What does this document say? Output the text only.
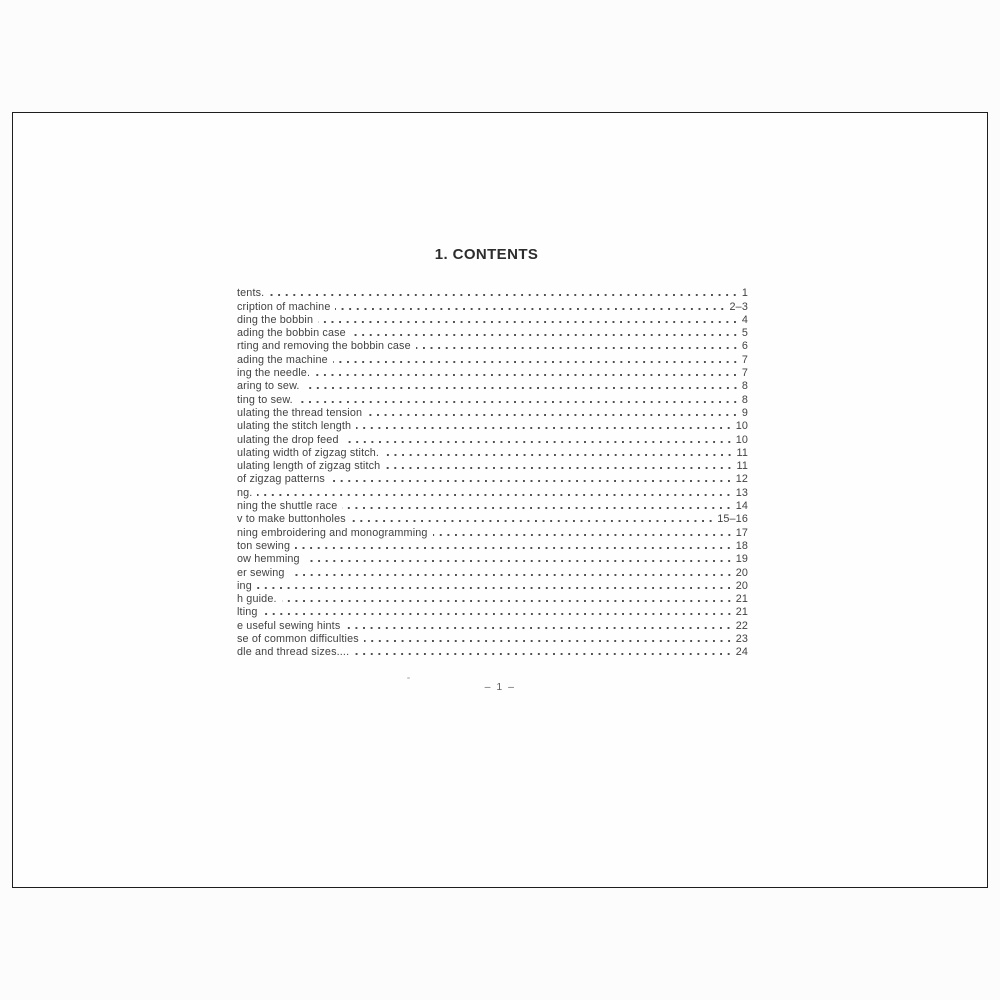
1. CONTENTS
tents.	1
cription of machine	2–3
ding the bobbin	4
ading the bobbin case	5
rting and removing the bobbin case	6
ading the machine	7
ing the needle.	7
aring to sew.	8
ting to sew.	8
ulating the thread tension	9
ulating the stitch length	10
ulating the drop feed	10
ulating width of zigzag stitch.	11
ulating length of zigzag stitch	11
of zigzag patterns	12
ng.	13
ning the shuttle race	14
v to make buttonholes	15–16
ning embroidering and monogramming	17
ton sewing	18
ow hemming	19
er sewing	20
ing	20
h guide.	21
lting	21
e useful sewing hints	22
se of common difficulties	23
dle and thread sizes....	24
– 1 –
